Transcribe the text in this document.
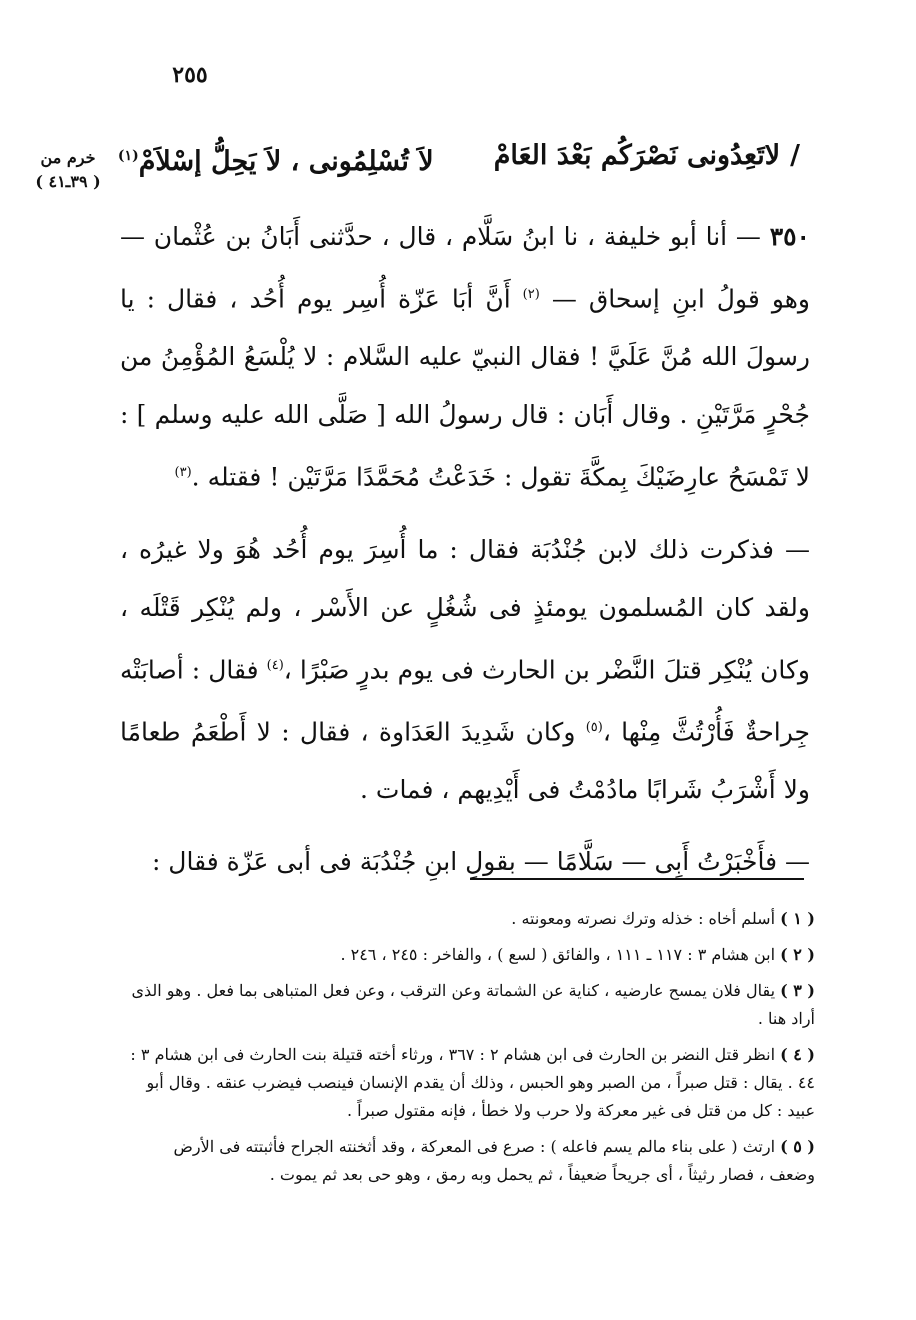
٢٥٥
خرم من
( ٣٩ـ٤١ )
/
لاتَعِدُونى نَصْرَكُم بَعْدَ العَامْ
لاَ تُسْلِمُونى ، لاَ يَحِلُّ إسْلاَمْ$^{(١)}$

٣٥٠ — أنا أبو خليفة ، نا ابنُ سَلَّام ، قال ، حدَّثنى أَبَانُ بن عُثْمان — وهو قولُ ابنِ إسحاق — $^{(٢)}$ أَنَّ أبَا عَزّة أُسِر يوم أُحُد ، فقال : يا رسولَ الله مُنَّ عَلَيَّ ! فقال النبيّ عليه السَّلام : لا يُلْسَعُ المُؤْمِنُ من جُحْرٍ مَرَّتَيْنِ . وقال أَبَان : قال رسولُ الله [ صَلَّى الله عليه وسلم ] : لا تَمْسَحُ عارِضَيْكَ بِمكَّةَ تقول : خَدَعْتُ مُحَمَّدًا مَرَّتَيْن ! فقتله .$^{(٣)}$

— فذكرت ذلك لابن جُنْدُبَة فقال : ما أُسِرَ يوم أُحُد هُوَ ولا غيرُه ، ولقد كان المُسلمون يومئذٍ فى شُغُلٍ عن الأَسْر ، ولم يُنْكِر قَتْلَه ، وكان يُنْكِر قتلَ النَّضْر بن الحارث فى يوم بدرٍ صَبْرًا ،$^{(٤)}$ فقال : أصابَتْه جِراحةٌ فَأُرْتُثَّ مِنْها ،$^{(٥)}$ وكان شَدِيدَ العَدَاوة ، فقال : لا أَطْعَمُ طعامًا ولا أَشْرَبُ شَرابًا مادُمْتُ فى أَيْدِيهم ، فمات .

— فأَخْبَرْتُ أَبِى — سَلَّامًا — بقولِ ابنِ جُنْدُبَة فى أبى عَزّة فقال :

( ١ ) أسلم أخاه : خذله وترك نصرته ومعونته .

( ٢ ) ابن هشام ٣ : ١١٧ ـ ١١١ ، والفائق ( لسع ) ، والفاخر : ٢٤٥ ، ٢٤٦ .

( ٣ ) يقال فلان يمسح عارضيه ، كناية عن الشماتة وعن الترقب ، وعن فعل المتباهى بما فعل . وهو الذى أراد هنا .

( ٤ ) انظر قتل النضر بن الحارث فى ابن هشام ٢ : ٣٦٧ ، ورثاء أخته قتيلة بنت الحارث فى ابن هشام ٣ : ٤٤ . يقال : قتل صبراً ، من الصبر وهو الحبس ، وذلك أن يقدم الإنسان فينصب فيضرب عنقه . وقال أبو عبيد : كل من قتل فى غير معركة ولا حرب ولا خطأ ، فإنه مقتول صبراً .

( ٥ ) ارتث ( على بناء مالم يسم فاعله ) : صرع فى المعركة ، وقد أثخنته الجراح فأثبتته فى الأرض وضعف ، فصار رثيثاً ، أى جريحاً ضعيفاً ، ثم يحمل وبه رمق ، وهو حى بعد ثم يموت .
